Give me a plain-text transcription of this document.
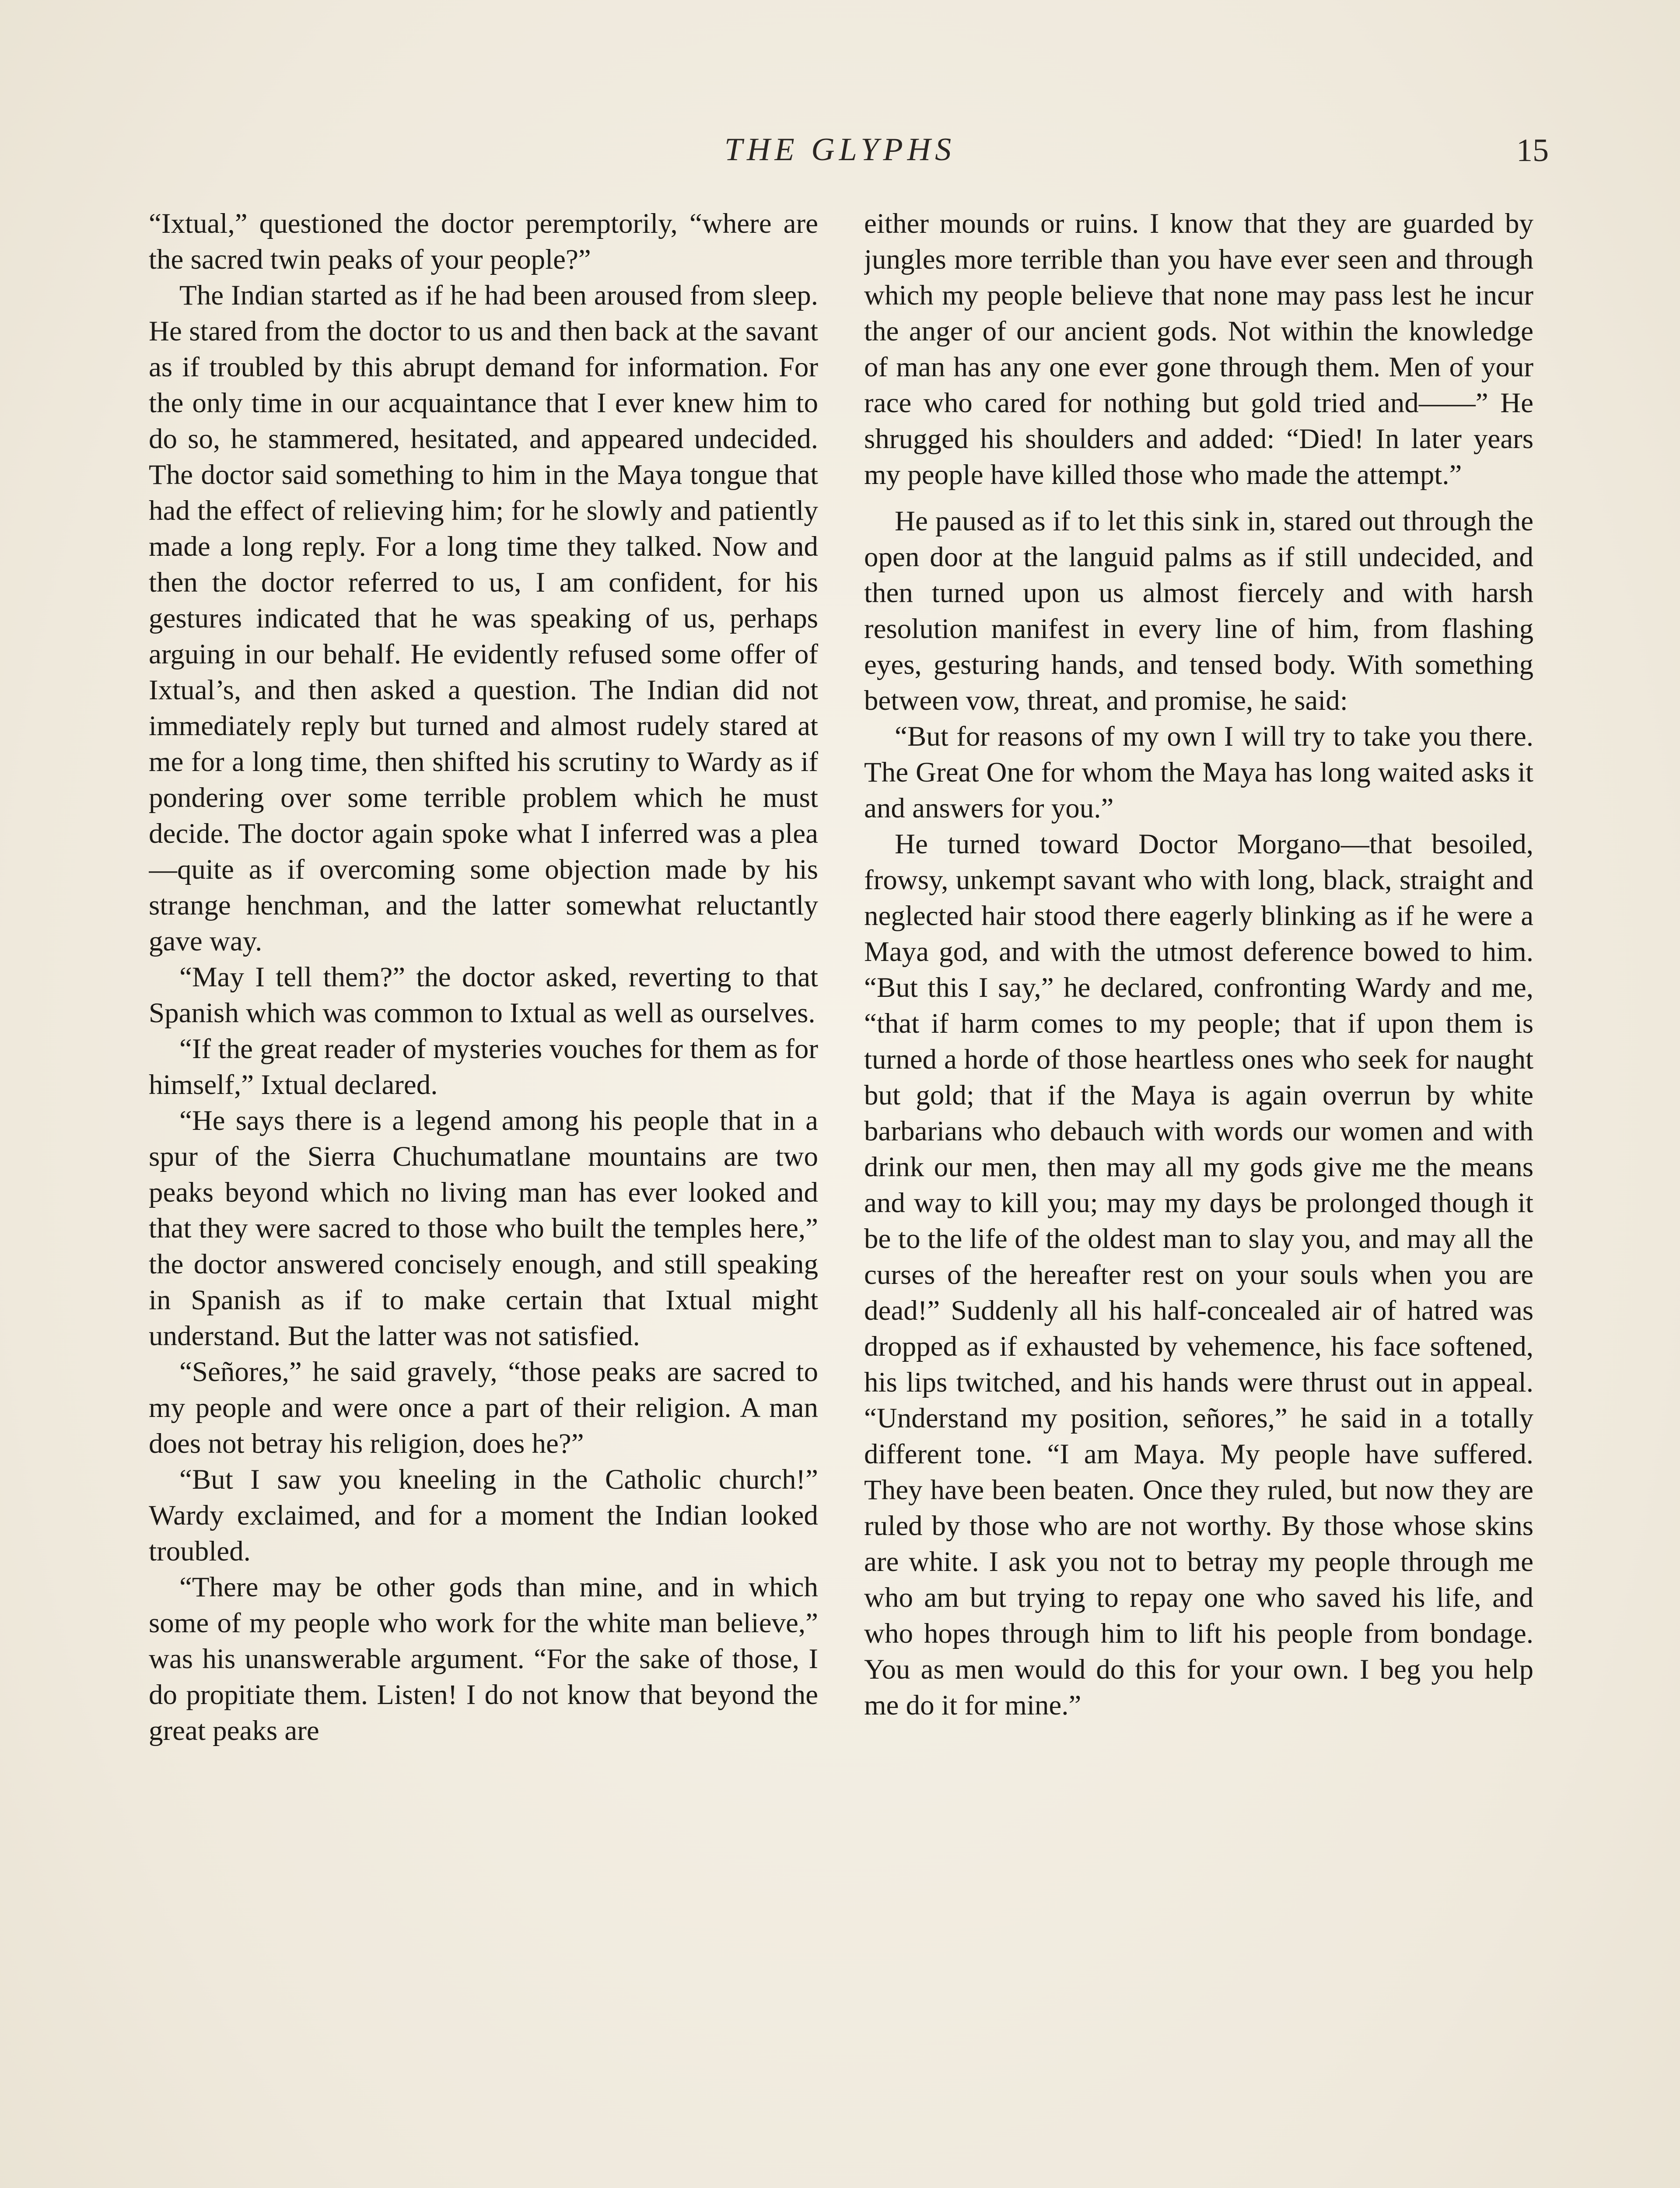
THE GLYPHS	15

“Ixtual,” questioned the doctor peremptorily, “where are the sacred twin peaks of your people?”

The Indian started as if he had been aroused from sleep. He stared from the doctor to us and then back at the savant as if troubled by this abrupt demand for information. For the only time in our acquaintance that I ever knew him to do so, he stammered, hesitated, and appeared undecided. The doctor said something to him in the Maya tongue that had the effect of relieving him; for he slowly and patiently made a long reply. For a long time they talked. Now and then the doctor referred to us, I am confident, for his gestures indicated that he was speaking of us, perhaps arguing in our behalf. He evidently refused some offer of Ixtual’s, and then asked a question. The Indian did not immediately reply but turned and almost rudely stared at me for a long time, then shifted his scrutiny to Wardy as if pondering over some terrible problem which he must decide. The doctor again spoke what I inferred was a plea—quite as if overcoming some objection made by his strange henchman, and the latter somewhat reluctantly gave way.

“May I tell them?” the doctor asked, reverting to that Spanish which was common to Ixtual as well as ourselves.

“If the great reader of mysteries vouches for them as for himself,” Ixtual declared.

“He says there is a legend among his people that in a spur of the Sierra Chuchumatlane mountains are two peaks beyond which no living man has ever looked and that they were sacred to those who built the temples here,” the doctor answered concisely enough, and still speaking in Spanish as if to make certain that Ixtual might understand. But the latter was not satisfied.

“Señores,” he said gravely, “those peaks are sacred to my people and were once a part of their religion. A man does not betray his religion, does he?”

“But I saw you kneeling in the Catholic church!” Wardy exclaimed, and for a moment the Indian looked troubled.

“There may be other gods than mine, and in which some of my people who work for the white man believe,” was his unanswerable argument. “For the sake of those, I do propitiate them. Listen! I do not know that beyond the great peaks are

either mounds or ruins. I know that they are guarded by jungles more terrible than you have ever seen and through which my people believe that none may pass lest he incur the anger of our ancient gods. Not within the knowledge of man has any one ever gone through them. Men of your race who cared for nothing but gold tried and——” He shrugged his shoulders and added: “Died! In later years my people have killed those who made the attempt.”

He paused as if to let this sink in, stared out through the open door at the languid palms as if still undecided, and then turned upon us almost fiercely and with harsh resolution manifest in every line of him, from flashing eyes, gesturing hands, and tensed body. With something between vow, threat, and promise, he said:

“But for reasons of my own I will try to take you there. The Great One for whom the Maya has long waited asks it and answers for you.”

He turned toward Doctor Morgano—that besoiled, frowsy, unkempt savant who with long, black, straight and neglected hair stood there eagerly blinking as if he were a Maya god, and with the utmost deference bowed to him. “But this I say,” he declared, confronting Wardy and me, “that if harm comes to my people; that if upon them is turned a horde of those heartless ones who seek for naught but gold; that if the Maya is again overrun by white barbarians who debauch with words our women and with drink our men, then may all my gods give me the means and way to kill you; may my days be prolonged though it be to the life of the oldest man to slay you, and may all the curses of the hereafter rest on your souls when you are dead!” Suddenly all his half-concealed air of hatred was dropped as if exhausted by vehemence, his face softened, his lips twitched, and his hands were thrust out in appeal. “Understand my position, señores,” he said in a totally different tone. “I am Maya. My people have suffered. They have been beaten. Once they ruled, but now they are ruled by those who are not worthy. By those whose skins are white. I ask you not to betray my people through me who am but trying to repay one who saved his life, and who hopes through him to lift his people from bondage. You as men would do this for your own. I beg you help me do it for mine.”
